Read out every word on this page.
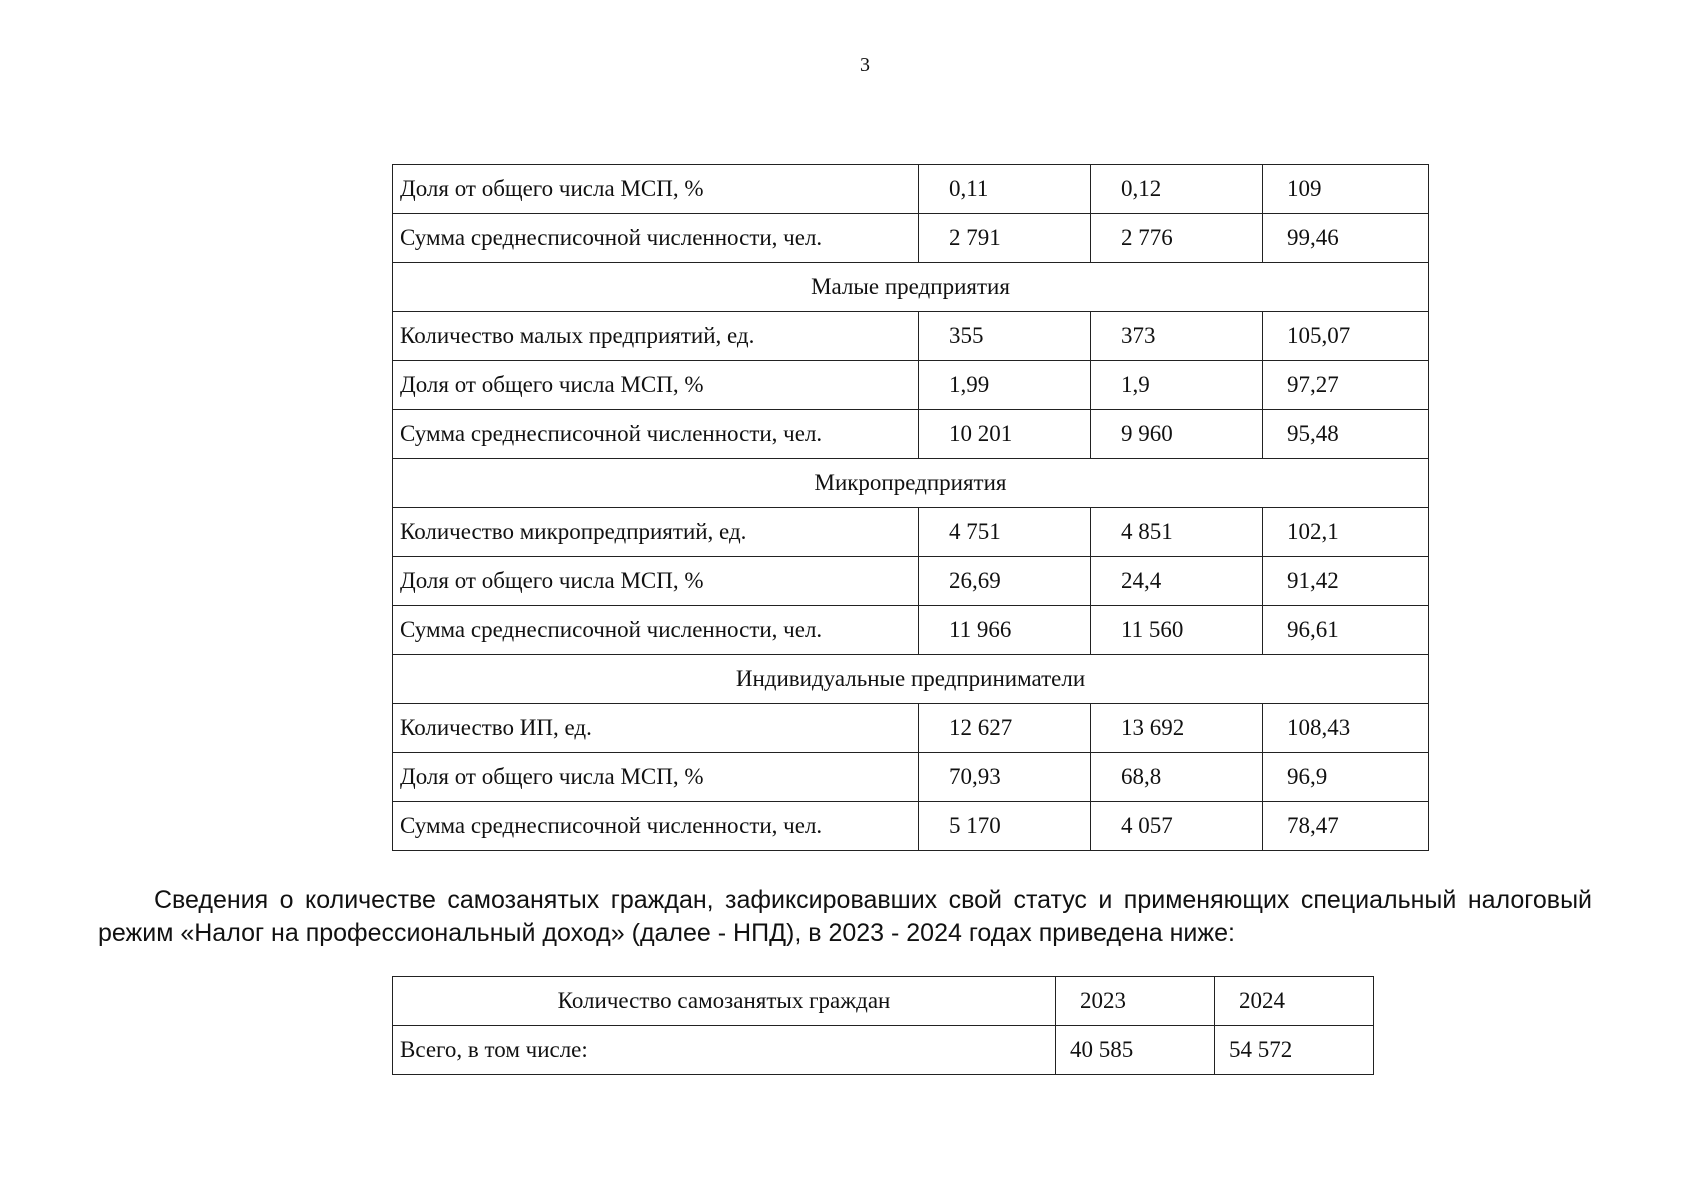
3
Доля от общего числа МСП, %	0,11	0,12	109
Сумма среднесписочной численности, чел.	2 791	2 776	99,46
Малые предприятия			
Количество малых предприятий, ед.	355	373	105,07
Доля от общего числа МСП, %	1,99	1,9	97,27
Сумма среднесписочной численности, чел.	10 201	9 960	95,48
Микропредприятия			
Количество микропредприятий, ед.	4 751	4 851	102,1
Доля от общего числа МСП, %	26,69	24,4	91,42
Сумма среднесписочной численности, чел.	11 966	11 560	96,61
Индивидуальные предприниматели			
Количество ИП, ед.	12 627	13 692	108,43
Доля от общего числа МСП, %	70,93	68,8	96,9
Сумма среднесписочной численности, чел.	5 170	4 057	78,47

Сведения о количестве самозанятых граждан, зафиксировавших свой статус и применяющих специальный налоговый режим «Налог на профессиональный доход» (далее - НПД), в 2023 - 2024 годах приведена ниже:

Количество самозанятых граждан	2023	2024
Всего, в том числе:	40 585	54 572
